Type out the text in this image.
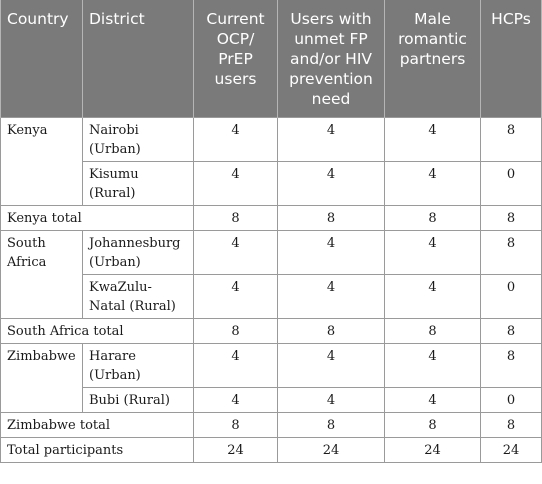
Country	District	Current OCP/ PrEP users	Users with unmet FP and/or HIV prevention need	Male romantic partners	HCPs
Kenya	Nairobi (Urban)	4	4	4	8
	Kisumu (Rural)	4	4	4	0
Kenya total		8	8	8	8
South Africa	Johannesburg (Urban)	4	4	4	8
	KwaZulu-Natal (Rural)	4	4	4	0
South Africa total		8	8	8	8
Zimbabwe	Harare (Urban)	4	4	4	8
	Bubi (Rural)	4	4	4	0
Zimbabwe total		8	8	8	8
Total participants		24	24	24	24
